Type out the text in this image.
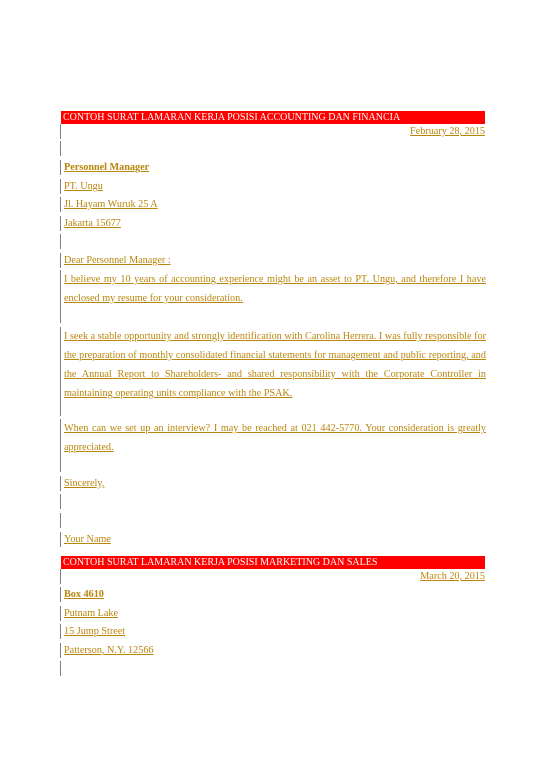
CONTOH SURAT LAMARAN KERJA POSISI ACCOUNTING DAN FINANCIA
February 28, 2015
Personnel Manager
PT. Ungu
Jl. Hayam Wuruk 25 A
Jakarta 15677
Dear Personnel Manager :
I believe my 10 years of accounting experience might be an asset to PT. Ungu, and therefore I have enclosed my resume for your consideration.
I seek a stable opportunity and strongly identification with Carolina Herrera. I was fully responsible for the preparation of monthly consolidated financial statements for management and public reporting, and the Annual Report to Shareholders- and shared responsibility with the Corporate Controller in maintaining operating units compliance with the PSAK.
When can we set up an interview? I may be reached at 021 442-5770. Your consideration is greatly appreciated.
Sincerely,
Your Name
CONTOH SURAT LAMARAN KERJA POSISI MARKETING DAN SALES
March 20, 2015
Box 4610
Putnam Lake
15 Jump Street
Patterson, N.Y. 12566
